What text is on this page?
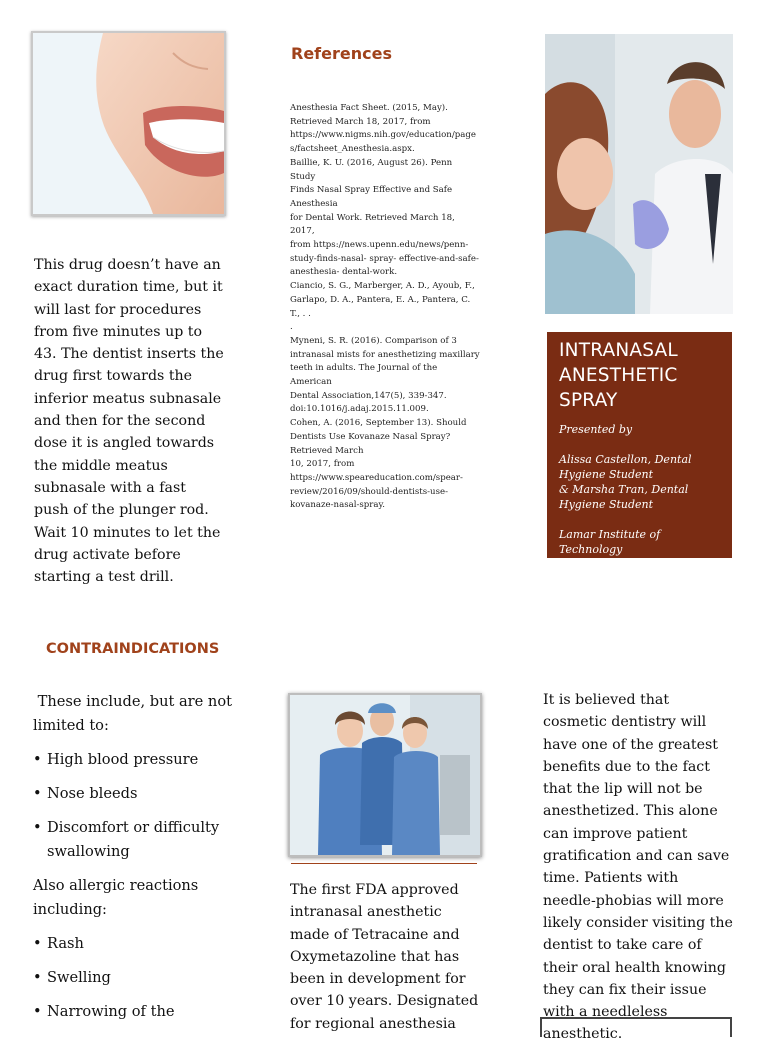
References
Anesthesia Fact Sheet. (2015, May).
Retrieved March 18, 2017, from
https://www.nigms.nih.gov/education/page
s/factsheet_Anesthesia.aspx.
Baillie, K. U. (2016, August 26). Penn Study
Finds Nasal Spray Effective and Safe
Anesthesia
for Dental Work. Retrieved March 18, 2017,
from https://news.upenn.edu/news/penn-
study-finds-nasal- spray- effective-and-safe-
anesthesia- dental-work.
Ciancio, S. G., Marberger, A. D., Ayoub, F.,
Garlapo, D. A., Pantera, E. A., Pantera, C. T., . .
.
Myneni, S. R. (2016). Comparison of 3
intranasal mists for anesthetizing maxillary
teeth in adults. The Journal of the American
Dental Association,147(5), 339-347.
doi:10.1016/j.adaj.2015.11.009.
Cohen, A. (2016, September 13). Should
Dentists Use Kovanaze Nasal Spray?
Retrieved March
10, 2017, from
https://www.speareducation.com/spear-
review/2016/09/should-dentists-use-
kovanaze-nasal-spray.
This drug doesn’t have an exact duration time, but it will last for procedures from five minutes up to 43. The dentist inserts the drug first towards the inferior meatus subnasale and then for the second dose it is angled towards the middle meatus subnasale with a fast push of the plunger rod. Wait 10 minutes to let the drug activate before starting a test drill.
INTRANASAL
ANESTHETIC
SPRAY
Presented by
Alissa Castellon, Dental
Hygiene Student
& Marsha Tran, Dental
Hygiene Student
Lamar Institute of Technology
Dental Hygiene Program
CONTRAINDICATIONS

These include, but are not limited to:

• High blood pressure
• Nose bleeds
• Discomfort or difficulty swallowing

Also allergic reactions including:

• Rash
• Swelling
• Narrowing of the
The first FDA approved intranasal anesthetic made of Tetracaine and Oxymetazoline that has been in development for over 10 years. Designated for regional anesthesia
It is believed that cosmetic dentistry will have one of the greatest benefits due to the fact that the lip will not be anesthetized. This alone can improve patient gratification and can save time. Patients with needle-phobias will more likely consider visiting the dentist to take care of their oral health knowing they can fix their issue with a needleless anesthetic.
